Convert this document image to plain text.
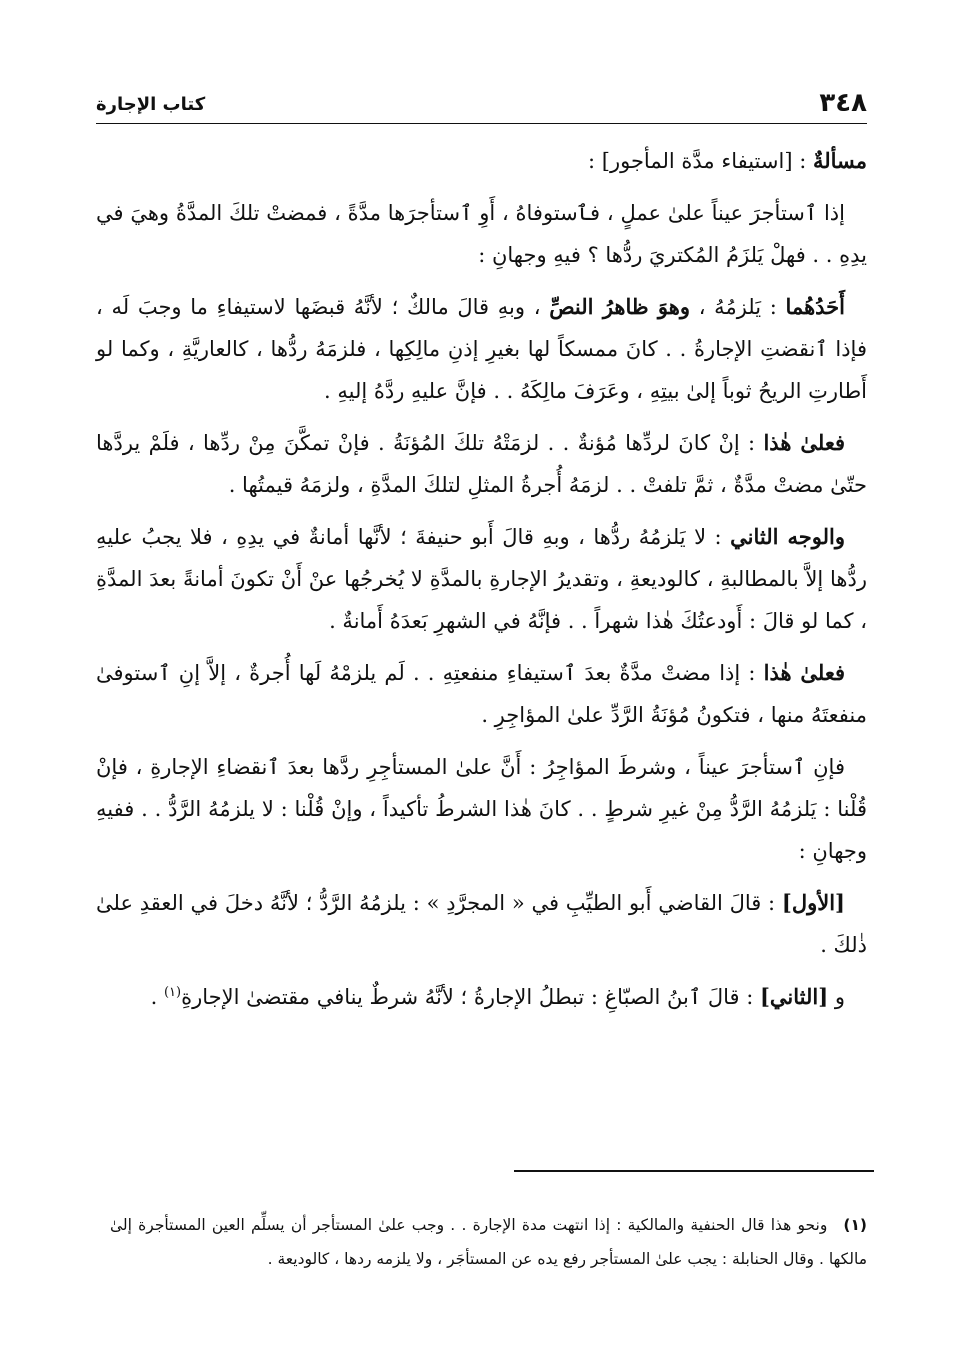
٣٤٨
كتاب الإجارة

مسألةٌ : [استيفاء مدَّة المأجور] :

إذا ٱستأجرَ عيناً علىٰ عملٍ ، فٱستوفاهُ ، أَوِ ٱستأجرَها مدَّةً ، فمضتْ تلكَ المدَّةُ وهيَ في يدِهِ . . فهلْ يَلزَمُ المُكتريَ ردُّها ؟ فيهِ وجهانِ :

أَحَدُهُما : يَلزمُهُ ، وهوَ ظاهرُ النصِّ ، وبهِ قالَ مالكٌ ؛ لأنَّهُ قبضَها لاستيفاءِ ما وجبَ لَه ، فإذا ٱنقضتِ الإجارةُ . . كانَ ممسكاً لها بغيرِ إذنِ مالِكِها ، فلزمَهُ ردُّها ، كالعاريَّةِ ، وكما لو أَطارتِ الريحُ ثوباً إلىٰ بيتِهِ ، وعَرَفَ مالِكَهُ . . فإنَّ عليهِ ردَّهُ إليهِ .

فعلىٰ هٰذا : إنْ كانَ لردِّها مُؤنةٌ . . لزمَتْهُ تلكَ المُؤنَةُ . فإنْ تمكَّنَ مِنْ ردِّها ، فلَمْ يردَّها حتّىٰ مضتْ مدَّةٌ ، ثمَّ تلفتْ . . لزمَهُ أُجرةُ المثلِ لتلكَ المدَّةِ ، ولزمَهُ قيمتُها .

والوجه الثاني : لا يَلزمُهُ ردُّها ، وبهِ قالَ أَبو حنيفةَ ؛ لأنَّها أمانةٌ في يدِهِ ، فلا يجبُ عليهِ ردُّها إلاَّ بالمطالبةِ ، كالوديعةِ ، وتقديرُ الإجارةِ بالمدَّةِ لا يُخرجُها عنْ أَنْ تكونَ أمانةً بعدَ المدَّةِ ، كما لو قالَ : أَودعتُكَ هٰذا شهراً . . فإنَّهُ في الشهرِ بَعدَهُ أَمانةٌ .

فعلىٰ هٰذا : إذا مضتْ مدَّةٌ بعدَ ٱستيفاءِ منفعتِهِ . . لَم يلزمْهُ لَها أُجرةٌ ، إلاَّ إنِ ٱستوفىٰ منفعتَهُ منها ، فتكونُ مُؤنَةُ الرَّدِّ علىٰ المؤاجِرِ .

فإنِ ٱستأجرَ عيناً ، وشرطَ المؤاجِرُ : أَنَّ علىٰ المستأجِرِ ردَّها بعدَ ٱنقضاءِ الإجارةِ ، فإنْ قُلْنا : يَلزمُهُ الرَّدُّ مِنْ غيرِ شرطٍ . . كانَ هٰذا الشرطُ تأكيداً ، وإنْ قُلْنا : لا يلزمُهُ الرَّدُّ . . ففيهِ وجهانِ :

[الأول] : قالَ القاضي أَبو الطيِّبِ في « المجرَّدِ » : يلزمُهُ الرَّدُّ ؛ لأنَّهُ دخلَ في العقدِ علىٰ ذٰلكَ .

و [الثاني] : قالَ ٱبنُ الصبّاغِ : تبطلُ الإجارةُ ؛ لأنَّهُ شرطٌ ينافي مقتضىٰ الإجارةِ$^{(١)}$ .

(١)ونحو هذا قال الحنفية والمالكية : إذا انتهت مدة الإجارة . . وجب علىٰ المستأجر أن يسلِّم العين المستأجرة إلىٰ مالكها . وقال الحنابلة : يجب علىٰ المستأجر رفع يده عن المستأجَر ، ولا يلزمه ردها ، كالوديعة .
